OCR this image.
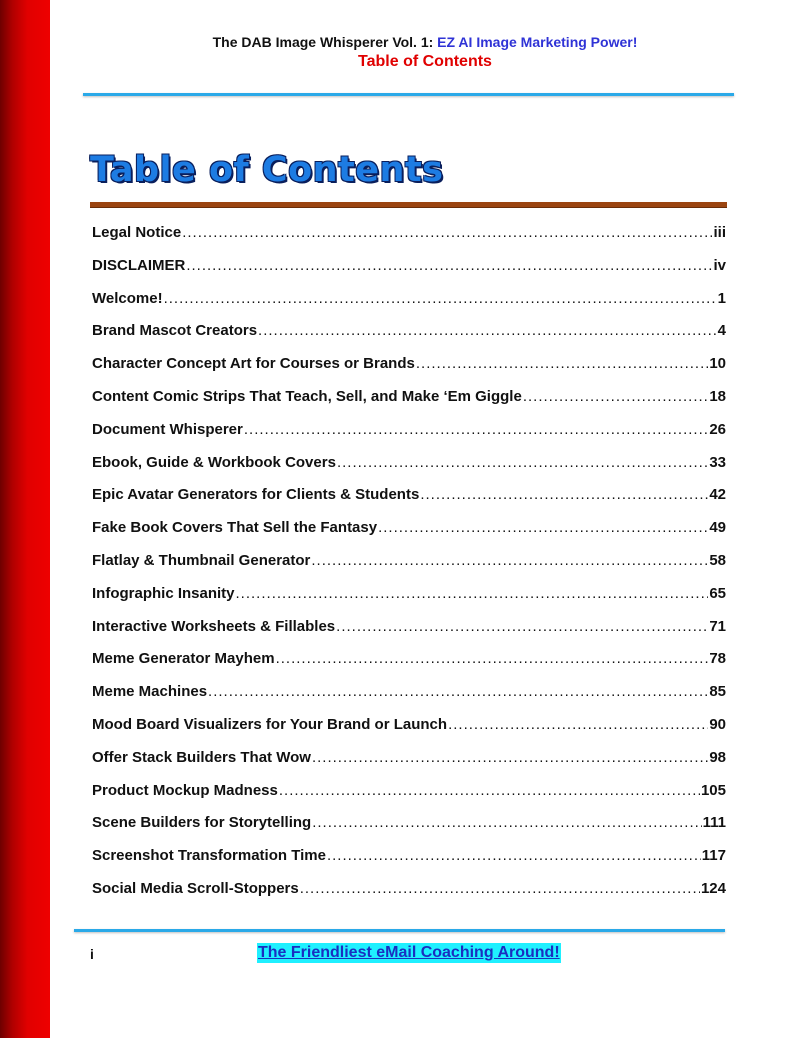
The DAB Image Whisperer Vol. 1: EZ AI Image Marketing Power!
Table of Contents
Table of Contents
Legal Notice .....	iii
DISCLAIMER .....	iv
Welcome! .....	1
Brand Mascot Creators .....	4
Character Concept Art for Courses or Brands .....	10
Content Comic Strips That Teach, Sell, and Make ‘Em Giggle .....	18
Document Whisperer .....	26
Ebook, Guide & Workbook Covers .....	33
Epic Avatar Generators for Clients & Students .....	42
Fake Book Covers That Sell the Fantasy .....	49
Flatlay & Thumbnail Generator .....	58
Infographic Insanity .....	65
Interactive Worksheets & Fillables .....	71
Meme Generator Mayhem .....	78
Meme Machines .....	85
Mood Board Visualizers for Your Brand or Launch .....	90
Offer Stack Builders That Wow .....	98
Product Mockup Madness .....	105
Scene Builders for Storytelling .....	111
Screenshot Transformation Time .....	117
Social Media Scroll-Stoppers .....	124
i	The Friendliest eMail Coaching Around!
